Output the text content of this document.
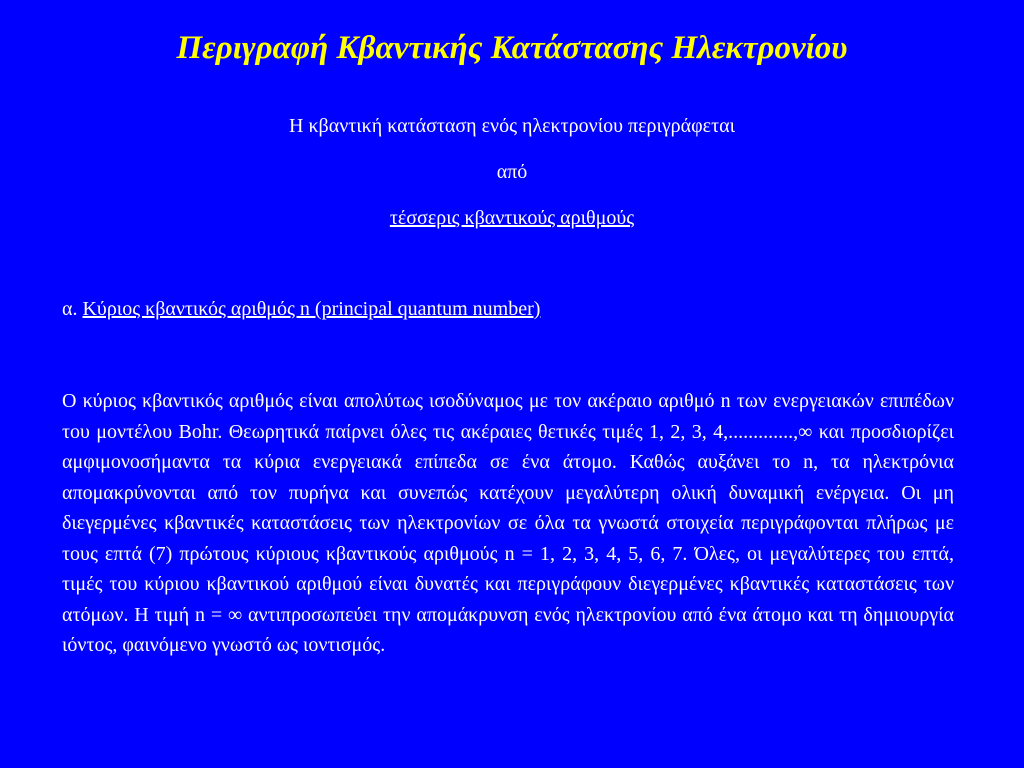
Περιγραφή Κβαντικής Κατάστασης Ηλεκτρονίου
Η κβαντική κατάσταση ενός ηλεκτρονίου περιγράφεται
από
τέσσερις κβαντικούς αριθμούς
α. Κύριος κβαντικός αριθμός n (principal quantum number)

Ο κύριος κβαντικός αριθμός είναι απολύτως ισοδύναμος με τον ακέραιο αριθμό n των ενεργειακών επιπέδων του μοντέλου Bohr. Θεωρητικά παίρνει όλες τις ακέραιες θετικές τιμές 1, 2, 3, 4,.............,∞ και προσδιορίζει αμφιμονοσήμαντα τα κύρια ενεργειακά επίπεδα σε ένα άτομο. Καθώς αυξάνει το n, τα ηλεκτρόνια απομακρύνονται από τον πυρήνα και συνεπώς κατέχουν μεγαλύτερη ολική δυναμική ενέργεια. Οι μη διεγερμένες κβαντικές καταστάσεις των ηλεκτρονίων σε όλα τα γνωστά στοιχεία περιγράφονται πλήρως με τους επτά (7) πρώτους κύριους κβαντικούς αριθμούς n = 1, 2, 3, 4, 5, 6, 7. Όλες, οι μεγαλύτερες του επτά, τιμές του κύριου κβαντικού αριθμού είναι δυνατές και περιγράφουν διεγερμένες κβαντικές καταστάσεις των ατόμων. Η τιμή n = ∞ αντιπροσωπεύει την απομάκρυνση ενός ηλεκτρονίου από ένα άτομο και τη δημιουργία ιόντος, φαινόμενο γνωστό ως ιοντισμός.
